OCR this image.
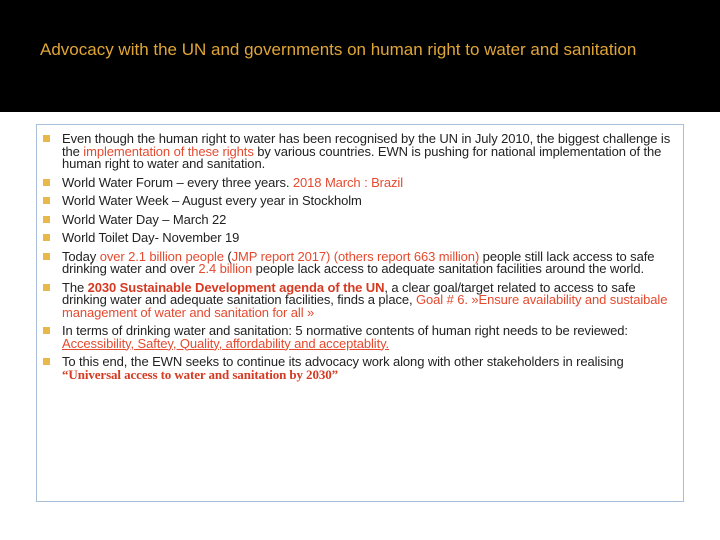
Advocacy with the UN and governments on human right to water and sanitation
Even though the human right to water has been recognised by the UN in July 2010, the biggest challenge is the implementation of these rights by various countries. EWN is pushing for national implementation of the human right to water and sanitation.
World Water Forum – every three years. 2018 March : Brazil
World Water Week – August every year in Stockholm
World Water Day – March 22
World Toilet Day- November 19
Today over 2.1 billion people (JMP report 2017) (others report 663 million) people still lack access to safe drinking water and over 2.4 billion people lack access to adequate sanitation facilities around the world.
The 2030 Sustainable Development agenda of the UN, a clear goal/target related to access to safe drinking water and adequate sanitation facilities, finds a place, Goal # 6. »Ensure availability and sustaibale management of water and sanitation for all »
In terms of drinking water and sanitation: 5 normative contents of human right needs to be reviewed: Accessibility, Saftey, Quality, affordability and acceptablity.
To this end, the EWN seeks to continue its advocacy work along with other stakeholders in realising “Universal access to water and sanitation by 2030”
